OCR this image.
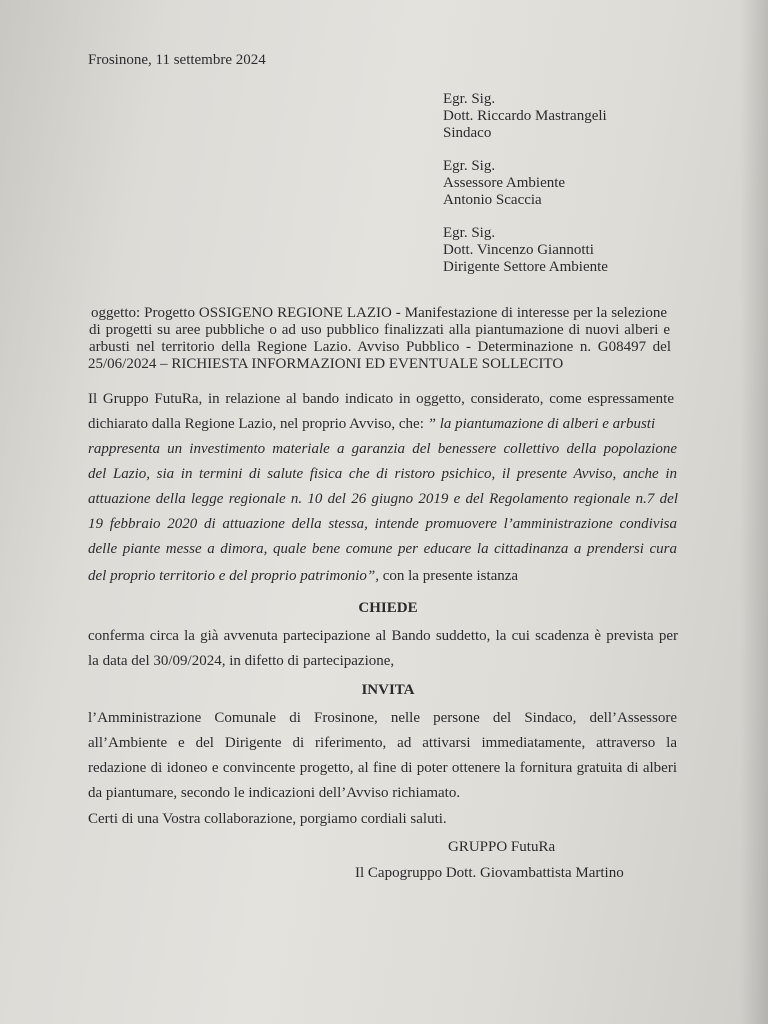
Frosinone, 11 settembre 2024
Egr. Sig.
Dott. Riccardo Mastrangeli
Sindaco
Egr. Sig.
Assessore Ambiente
Antonio Scaccia
Egr. Sig.
Dott. Vincenzo Giannotti
Dirigente Settore Ambiente
oggetto: Progetto OSSIGENO REGIONE LAZIO - Manifestazione di interesse per la selezione
di progetti su aree pubbliche o ad uso pubblico finalizzati alla piantumazione di nuovi alberi e
arbusti nel territorio della Regione Lazio. Avviso Pubblico - Determinazione n. G08497 del
25/06/2024 – RICHIESTA INFORMAZIONI ED EVENTUALE SOLLECITO
Il Gruppo FutuRa, in relazione al bando indicato in oggetto, considerato, come espressamente
dichiarato dalla Regione Lazio, nel proprio Avviso, che: ” la piantumazione di alberi e arbusti
rappresenta un investimento materiale a garanzia del benessere collettivo della popolazione
del Lazio, sia in termini di salute fisica che di ristoro psichico, il presente Avviso, anche in
attuazione della legge regionale n. 10 del 26 giugno 2019 e del Regolamento regionale n.7 del
19 febbraio 2020 di attuazione della stessa, intende promuovere l’amministrazione condivisa
delle piante messe a dimora, quale bene comune per educare la cittadinanza a prendersi cura
del proprio territorio e del proprio patrimonio”, con la presente istanza
CHIEDE
conferma circa la già avvenuta partecipazione al Bando suddetto, la cui scadenza è prevista per
la data del 30/09/2024, in difetto di partecipazione,
INVITA
l’Amministrazione Comunale di Frosinone, nelle persone del Sindaco, dell’Assessore
all’Ambiente e del Dirigente di riferimento, ad attivarsi immediatamente, attraverso la
redazione di idoneo e convincente progetto, al fine di poter ottenere la fornitura gratuita di alberi
da piantumare, secondo le indicazioni dell’Avviso richiamato.
Certi di una Vostra collaborazione, porgiamo cordiali saluti.
GRUPPO FutuRa
Il Capogruppo Dott. Giovambattista Martino
